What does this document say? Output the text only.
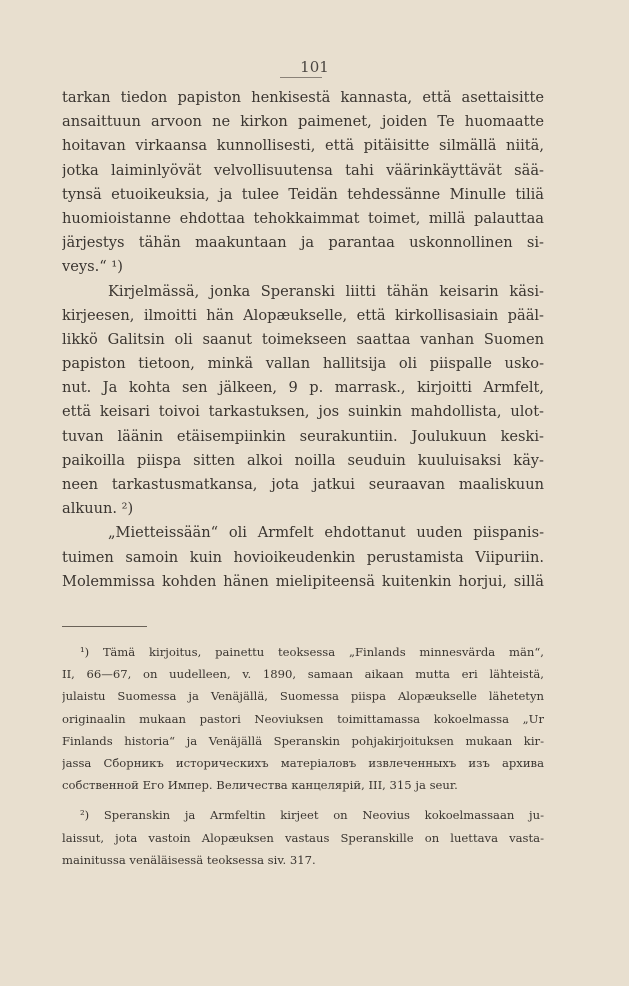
101
tarkan tiedon papiston henkisestä kannasta, että asettaisitte
ansaittuun arvoon ne kirkon paimenet, joiden Te huomaatte
hoitavan virkaansa kunnollisesti, että pitäisitte silmällä niitä,
jotka laiminlyövät velvollisuutensa tahi väärinkäyttävät sää-
tynsä etuoikeuksia, ja tulee Teidän tehdessänne Minulle tiliä
huomioistanne ehdottaa tehokkaimmat toimet, millä palauttaa
järjestys tähän maakuntaan ja parantaa uskonnollinen si-
veys.“ ¹)
Kirjelmässä, jonka Speranski liitti tähän keisarin käsi-
kirjeesen, ilmoitti hän Alopæukselle, että kirkollisasiain pääl-
likkö Galitsin oli saanut toimekseen saattaa vanhan Suomen
papiston tietoon, minkä vallan hallitsija oli piispalle usko-
nut. Ja kohta sen jälkeen, 9 p. marrask., kirjoitti Armfelt,
että keisari toivoi tarkastuksen, jos suinkin mahdollista, ulot-
tuvan läänin etäisempiinkin seurakuntiin. Joulukuun keski-
paikoilla piispa sitten alkoi noilla seuduin kuuluisaksi käy-
neen tarkastusmatkansa, jota jatkui seuraavan maaliskuun
alkuun. ²)
„Mietteissään“ oli Armfelt ehdottanut uuden piispanis-
tuimen samoin kuin hovioikeudenkin perustamista Viipuriin.
Molemmissa kohden hänen mielipiteensä kuitenkin horjui, sillä
¹) Tämä kirjoitus, painettu teoksessa „Finlands minnesvärda män“,
II, 66—67, on uudelleen, v. 1890, samaan aikaan mutta eri lähteistä,
julaistu Suomessa ja Venäjällä, Suomessa piispa Alopæukselle lähetetyn
originaalin mukaan pastori Neoviuksen toimittamassa kokoelmassa „Ur
Finlands historia“ ja Venäjällä Speranskin pohjakirjoituksen mukaan kir-
jassa Сборникъ историческихъ матеріаловъ извлеченныхъ изъ архива
собственной Его Импер. Величества канцелярій, III, 315 ja seur.
²) Speranskin ja Armfeltin kirjeet on Neovius kokoelmassaan ju-
laissut, jota vastoin Alopæuksen vastaus Speranskille on luettava vasta-
mainitussa venäläisessä teoksessa siv. 317.
